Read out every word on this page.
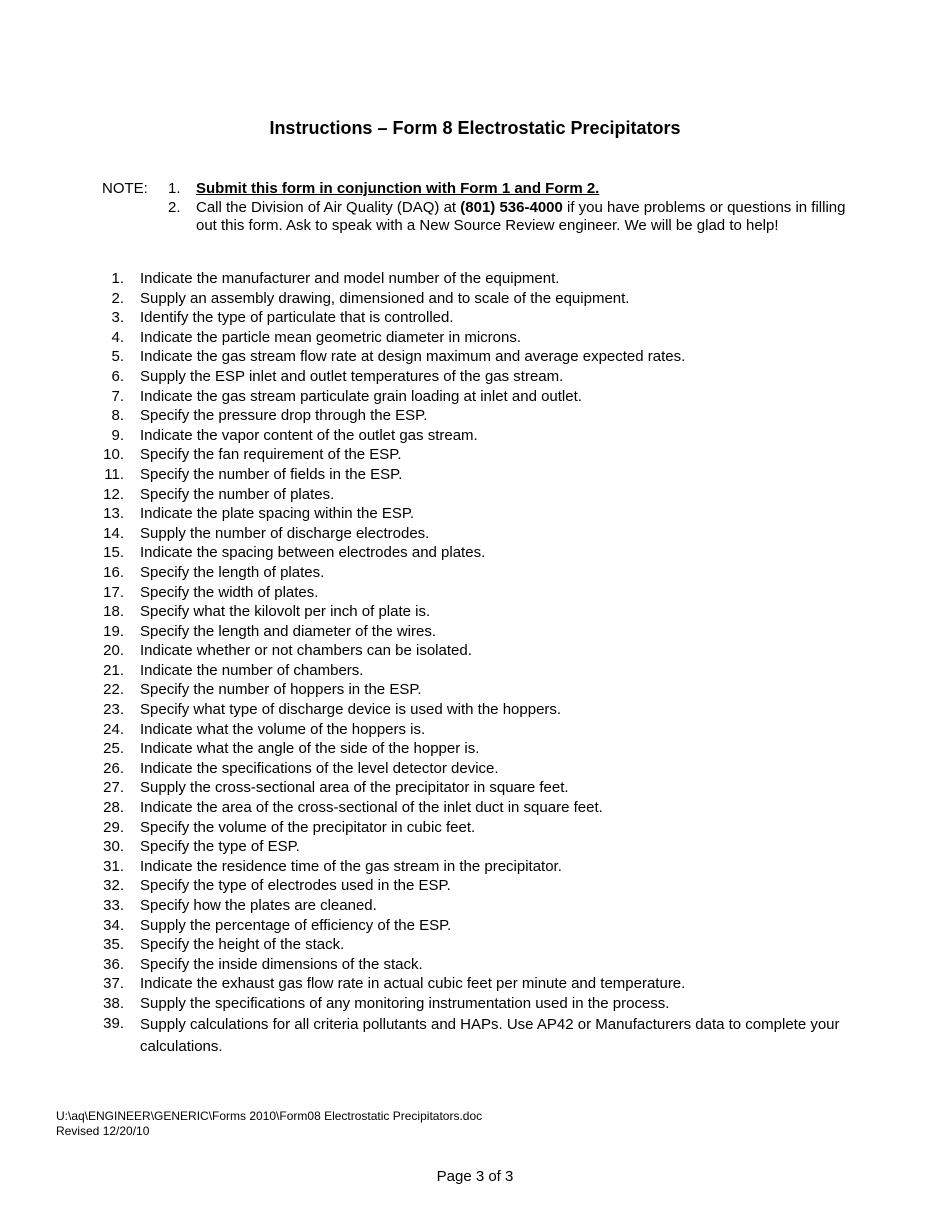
Instructions – Form 8 Electrostatic Precipitators
NOTE: 1. Submit this form in conjunction with Form 1 and Form 2.
2. Call the Division of Air Quality (DAQ) at (801) 536-4000 if you have problems or questions in filling out this form. Ask to speak with a New Source Review engineer. We will be glad to help!
1. Indicate the manufacturer and model number of the equipment.
2. Supply an assembly drawing, dimensioned and to scale of the equipment.
3. Identify the type of particulate that is controlled.
4. Indicate the particle mean geometric diameter in microns.
5. Indicate the gas stream flow rate at design maximum and average expected rates.
6. Supply the ESP inlet and outlet temperatures of the gas stream.
7. Indicate the gas stream particulate grain loading at inlet and outlet.
8. Specify the pressure drop through the ESP.
9. Indicate the vapor content of the outlet gas stream.
10. Specify the fan requirement of the ESP.
11. Specify the number of fields in the ESP.
12. Specify the number of plates.
13. Indicate the plate spacing within the ESP.
14. Supply the number of discharge electrodes.
15. Indicate the spacing between electrodes and plates.
16. Specify the length of plates.
17. Specify the width of plates.
18. Specify what the kilovolt per inch of plate is.
19. Specify the length and diameter of the wires.
20. Indicate whether or not chambers can be isolated.
21. Indicate the number of chambers.
22. Specify the number of hoppers in the ESP.
23. Specify what type of discharge device is used with the hoppers.
24. Indicate what the volume of the hoppers is.
25. Indicate what the angle of the side of the hopper is.
26. Indicate the specifications of the level detector device.
27. Supply the cross-sectional area of the precipitator in square feet.
28. Indicate the area of the cross-sectional of the inlet duct in square feet.
29. Specify the volume of the precipitator in cubic feet.
30. Specify the type of ESP.
31. Indicate the residence time of the gas stream in the precipitator.
32. Specify the type of electrodes used in the ESP.
33. Specify how the plates are cleaned.
34. Supply the percentage of efficiency of the ESP.
35. Specify the height of the stack.
36. Specify the inside dimensions of the stack.
37. Indicate the exhaust gas flow rate in actual cubic feet per minute and temperature.
38. Supply the specifications of any monitoring instrumentation used in the process.
39. Supply calculations for all criteria pollutants and HAPs. Use AP42 or Manufacturers data to complete your calculations.
U:\aq\ENGINEER\GENERIC\Forms 2010\Form08 Electrostatic Precipitators.doc
Revised 12/20/10
Page 3 of 3
